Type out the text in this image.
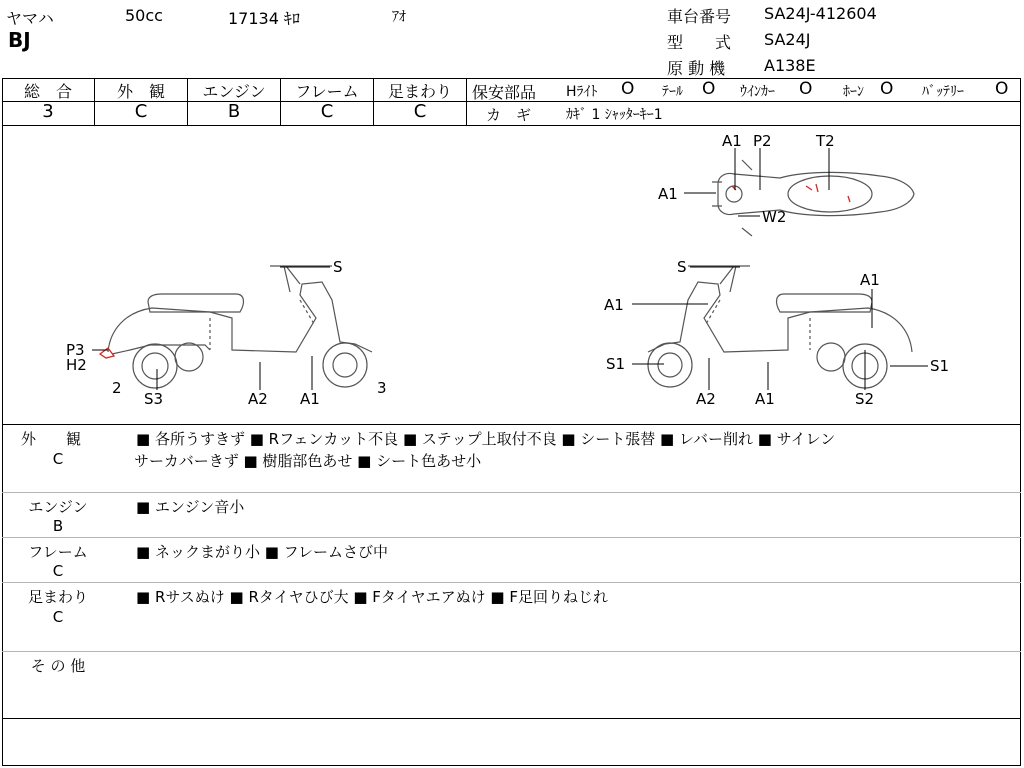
ヤマハ	50cc	17134 ｷﾛ	ｱｵ
BJ
車台番号 SA24J-412604
型　　式 SA24J
原 動 機 A138E
総　合
3
外　観
C
エンジン
B
フレーム
C
足まわり
C
保安部品 Hﾗｲﾄ O ﾃｰﾙ O ｳｲﾝｶｰ O ﾎｰﾝ O ﾊﾞｯﾃﾘｰ O
カ　ギ ｶｷﾞ 1 ｼｬｯﾀｰｷｰ1
S
P3
H2
2
S3	A2 A1
3
A1 P2	T2
A1
W2
S
A1
A1
S1
A2	A1
S1
S2
外　　観
C
■ 各所うすきず ■ Rフェンカット不良 ■ ステップ上取付不良 ■ シート張替 ■ レバー削れ ■ サイレン
サーカバーきず ■ 樹脂部色あせ ■ シート色あせ小
エンジン
B
■ エンジン音小
フレーム
C
■ ネックまがり小 ■ フレームさび中
足まわり
C
■ Rサスぬけ ■ Rタイヤひび大 ■ Fタイヤエアぬけ ■ F足回りねじれ
そ の 他
